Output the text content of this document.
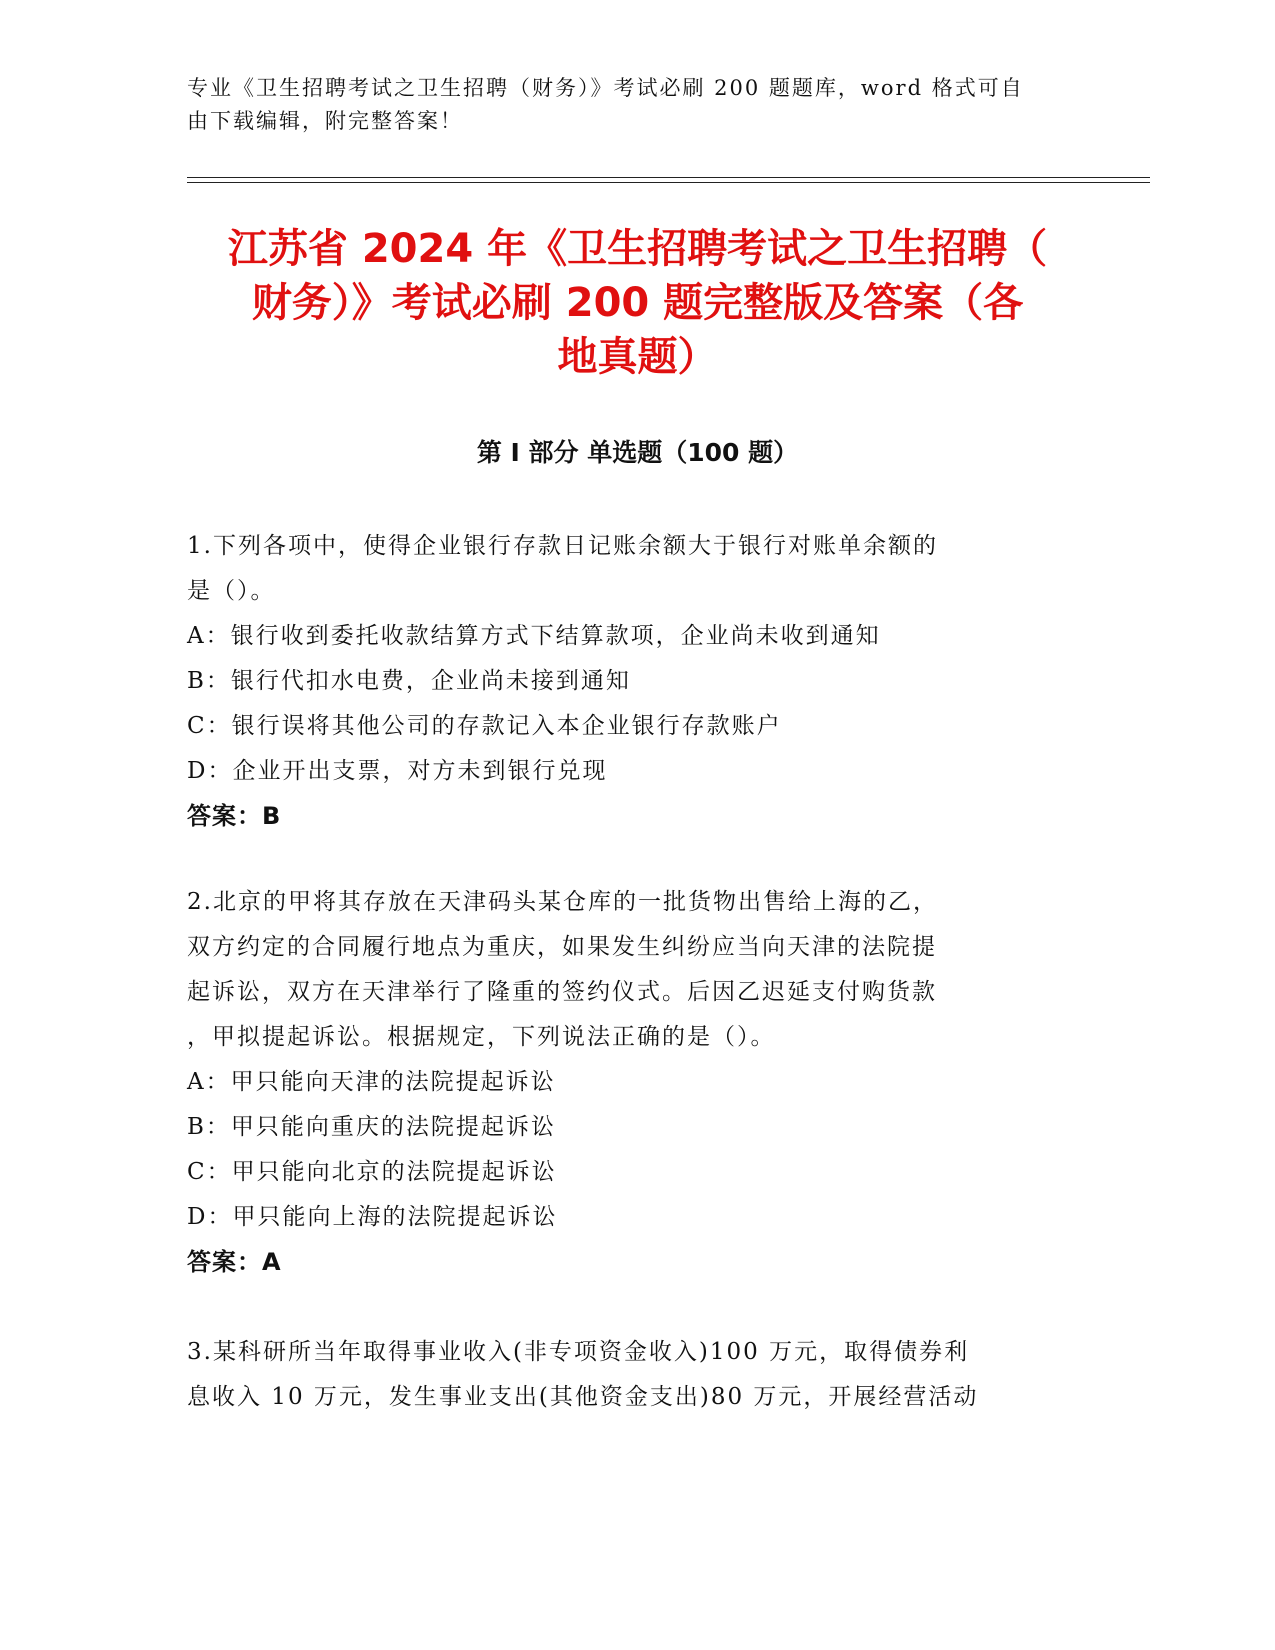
专业《卫生招聘考试之卫生招聘（财务）》考试必刷 200 题题库，word 格式可自
由下载编辑，附完整答案！
江苏省 2024 年《卫生招聘考试之卫生招聘（
财务）》考试必刷 200 题完整版及答案（各
地真题）
第 I 部分 单选题（100 题）
1.下列各项中，使得企业银行存款日记账余额大于银行对账单余额的
是（）。
A：银行收到委托收款结算方式下结算款项，企业尚未收到通知
B：银行代扣水电费，企业尚未接到通知
C：银行误将其他公司的存款记入本企业银行存款账户
D：企业开出支票，对方未到银行兑现
答案：B
2.北京的甲将其存放在天津码头某仓库的一批货物出售给上海的乙，
双方约定的合同履行地点为重庆，如果发生纠纷应当向天津的法院提
起诉讼，双方在天津举行了隆重的签约仪式。后因乙迟延支付购货款
，甲拟提起诉讼。根据规定，下列说法正确的是（）。
A：甲只能向天津的法院提起诉讼
B：甲只能向重庆的法院提起诉讼
C：甲只能向北京的法院提起诉讼
D：甲只能向上海的法院提起诉讼
答案：A
3.某科研所当年取得事业收入(非专项资金收入)100 万元，取得债券利
息收入 10 万元，发生事业支出(其他资金支出)80 万元，开展经营活动
